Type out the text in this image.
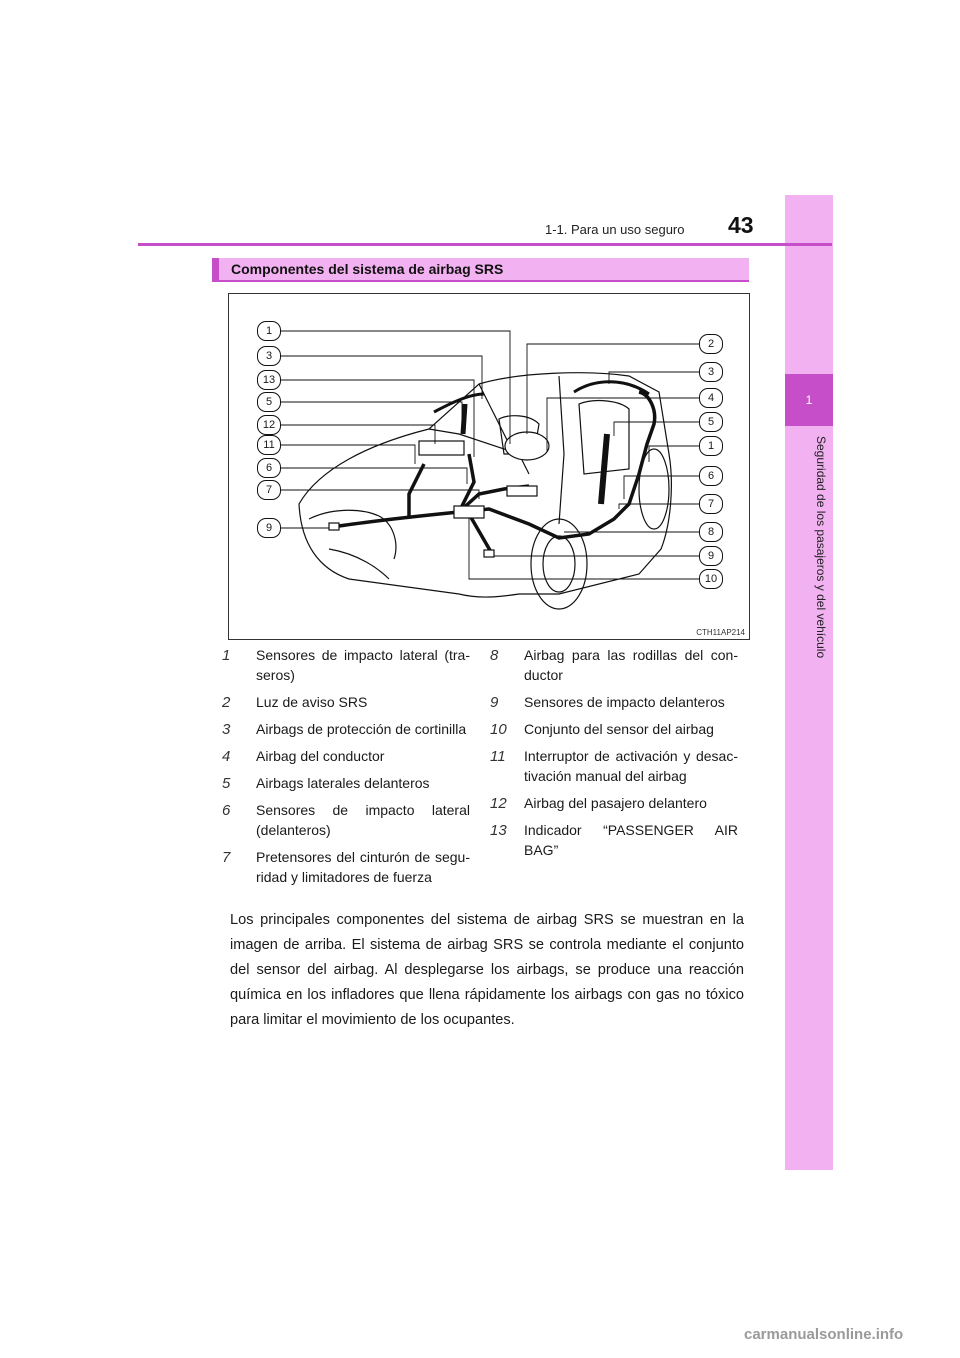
1
Seguridad de los pasajeros y del vehículo
1-1. Para un uso seguro 43
Componentes del sistema de airbag SRS
1
3
13
5
12
11
6
7
9
2
3
4
5
1
6
7
8
9
10
CTH11AP214
1 Sensores de impacto lateral (tra-seros)
2 Luz de aviso SRS
3 Airbags de protección de cortinilla
4 Airbag del conductor
5 Airbags laterales delanteros
6 Sensores de impacto lateral (delanteros)
7 Pretensores del cinturón de segu-ridad y limitadores de fuerza
8 Airbag para las rodillas del con-ductor
9 Sensores de impacto delanteros
10 Conjunto del sensor del airbag
11 Interruptor de activación y desac-tivación manual del airbag
12 Airbag del pasajero delantero
13 Indicador “PASSENGER AIR BAG”
Los principales componentes del sistema de airbag SRS se muestran en la imagen de arriba. El sistema de airbag SRS se controla mediante el conjunto del sensor del airbag. Al desplegarse los airbags, se produce una reacción química en los infladores que llena rápidamente los airbags con gas no tóxico para limitar el movimiento de los ocupantes.
carmanualsonline.info
